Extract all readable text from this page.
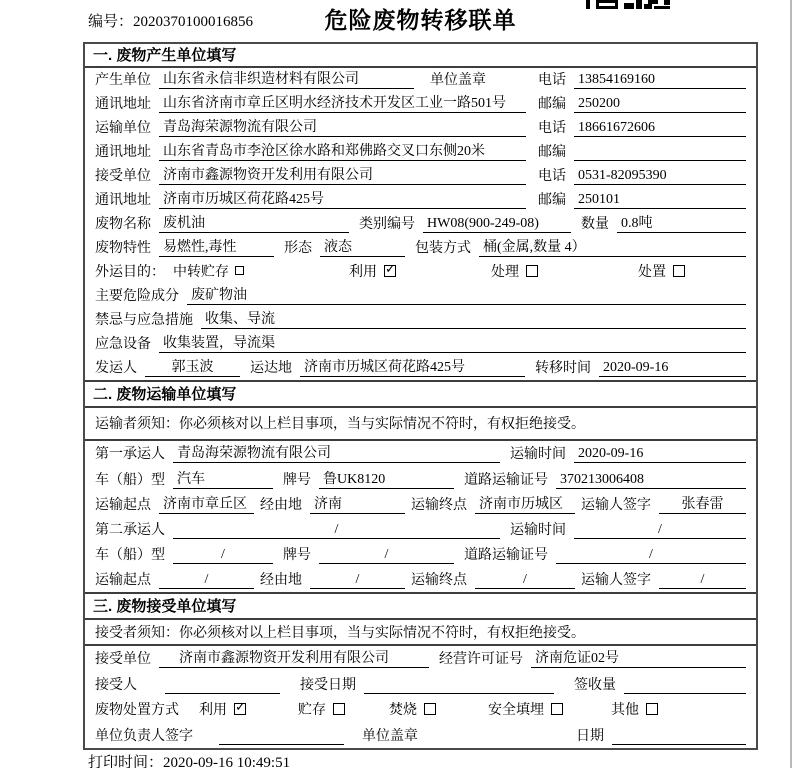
编号：2020370100016856	危险废物转移联单
一. 废物产生单位填写
产生单位 山东省永信非织造材料有限公司	单位盖章	电话 13854169160
通讯地址 山东省济南市章丘区明水经济技术开发区工业一路501号	邮编 250200
运输单位 青岛海荣源物流有限公司	电话 18661672606
通讯地址 山东省青岛市李沧区徐水路和郑佛路交叉口东侧20米	邮编
接受单位 济南市鑫源物资开发利用有限公司	电话 0531-82095390
通讯地址 济南市历城区荷花路425号	邮编 250101
废物名称 废机油	类别编号 HW08(900-249-08)	数量 0.8吨
废物特性 易燃性,毒性	形态 液态	包装方式 桶(金属,数量 4）
外运目的： 中转贮存	利用 ✓	处理	处置
主要危险成分 废矿物油
禁忌与应急措施 收集、导流
应急设备 收集装置，导流渠
发运人	郭玉波	运达地 济南市历城区荷花路425号	转移时间 2020-09-16
二. 废物运输单位填写
运输者须知：你必须核对以上栏目事项，当与实际情况不符时，有权拒绝接受。
第一承运人 青岛海荣源物流有限公司	运输时间 2020-09-16
车（船）型 汽车	牌号 鲁UK8120	道路运输证号 370213006408
运输起点 济南市章丘区 经由地 济南	运输终点 济南市历城区	运输人签字	张春雷
第二承运人	/	运输时间	/
车（船）型	/	牌号	/	道路运输证号	/
运输起点	/	经由地	/	运输终点	/	运输人签字	/
三. 废物接受单位填写
接受者须知：你必须核对以上栏目事项，当与实际情况不符时，有权拒绝接受。
接受单位	济南市鑫源物资开发利用有限公司	经营许可证号 济南危证02号
接受人	接受日期	签收量
废物处置方式 利用 ✓	贮存	焚烧	安全填埋	其他
单位负责人签字	单位盖章	日期
打印时间：2020-09-16 10:49:51
